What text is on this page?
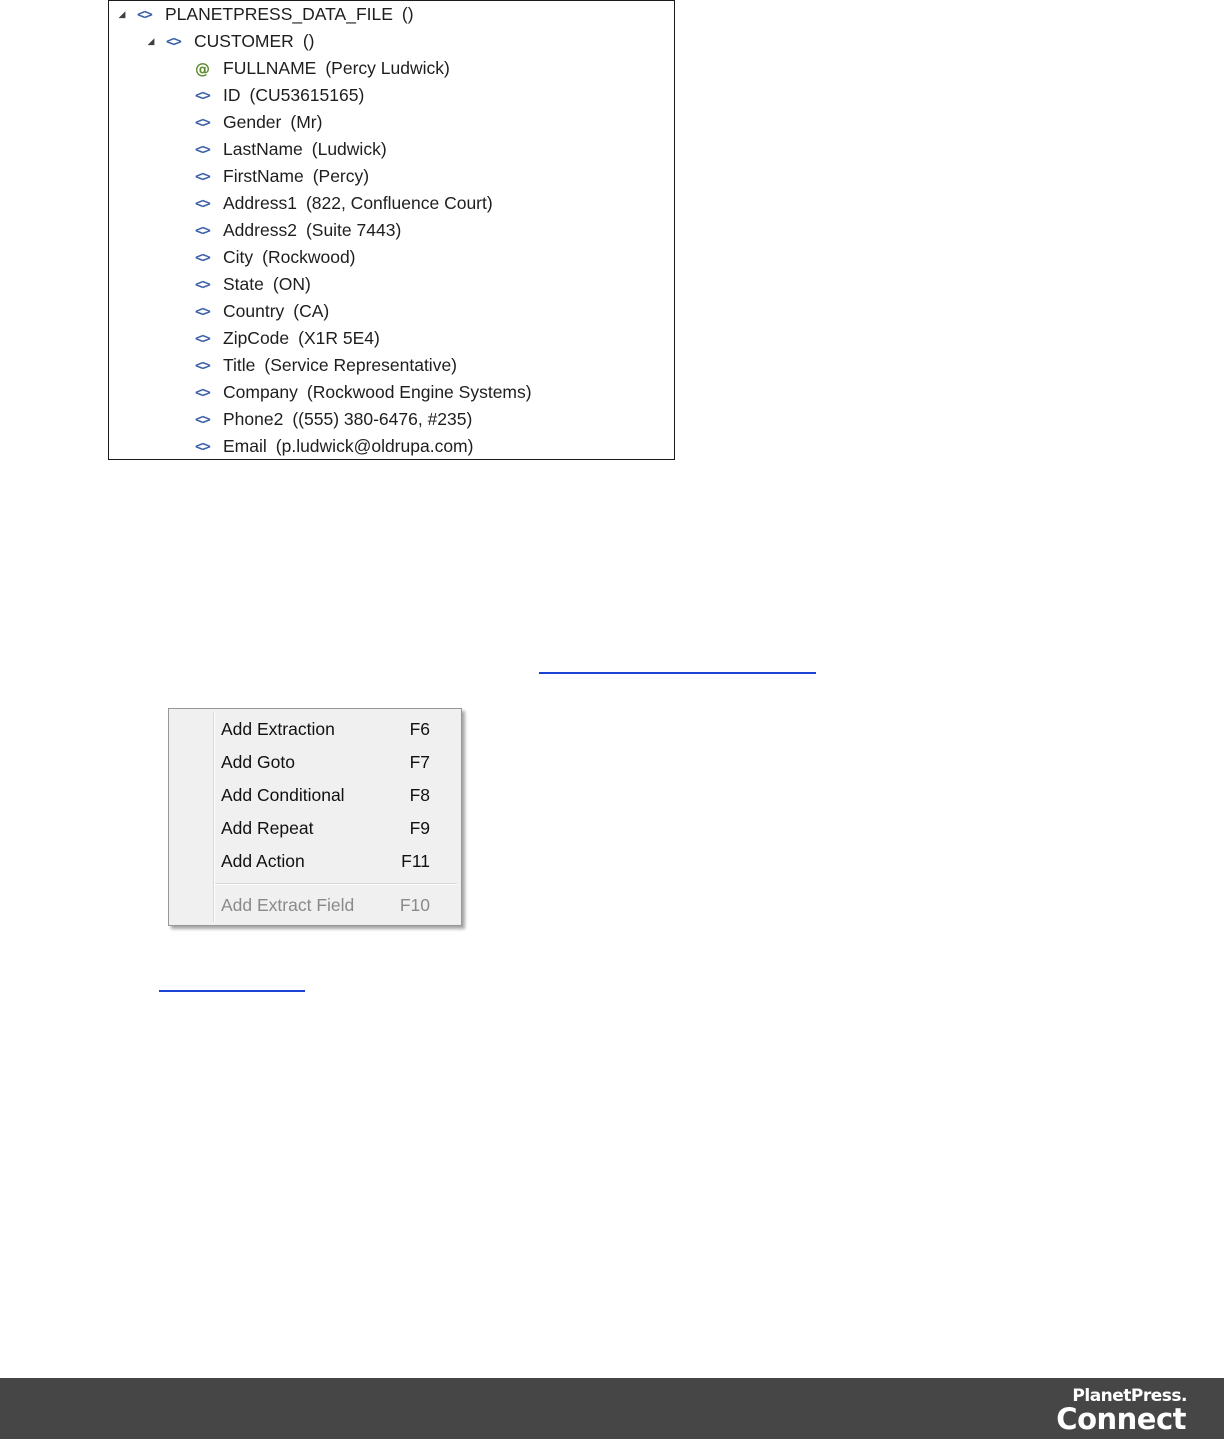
◢ <> PLANETPRESS_DATA_FILE ()
◢ <> CUSTOMER ()
@ FULLNAME (Percy Ludwick)
<> ID (CU53615165)
<> Gender (Mr)
<> LastName (Ludwick)
<> FirstName (Percy)
<> Address1 (822, Confluence Court)
<> Address2 (Suite 7443)
<> City (Rockwood)
<> State (ON)
<> Country (CA)
<> ZipCode (X1R 5E4)
<> Title (Service Representative)
<> Company (Rockwood Engine Systems)
<> Phone2 ((555) 380-6476, #235)
<> Email (p.ludwick@oldrupa.com)
Add Extraction	F6
Add Goto	F7
Add Conditional	F8
Add Repeat	F9
Add Action	F11
Add Extract Field	F10
PlanetPress.
Connect
